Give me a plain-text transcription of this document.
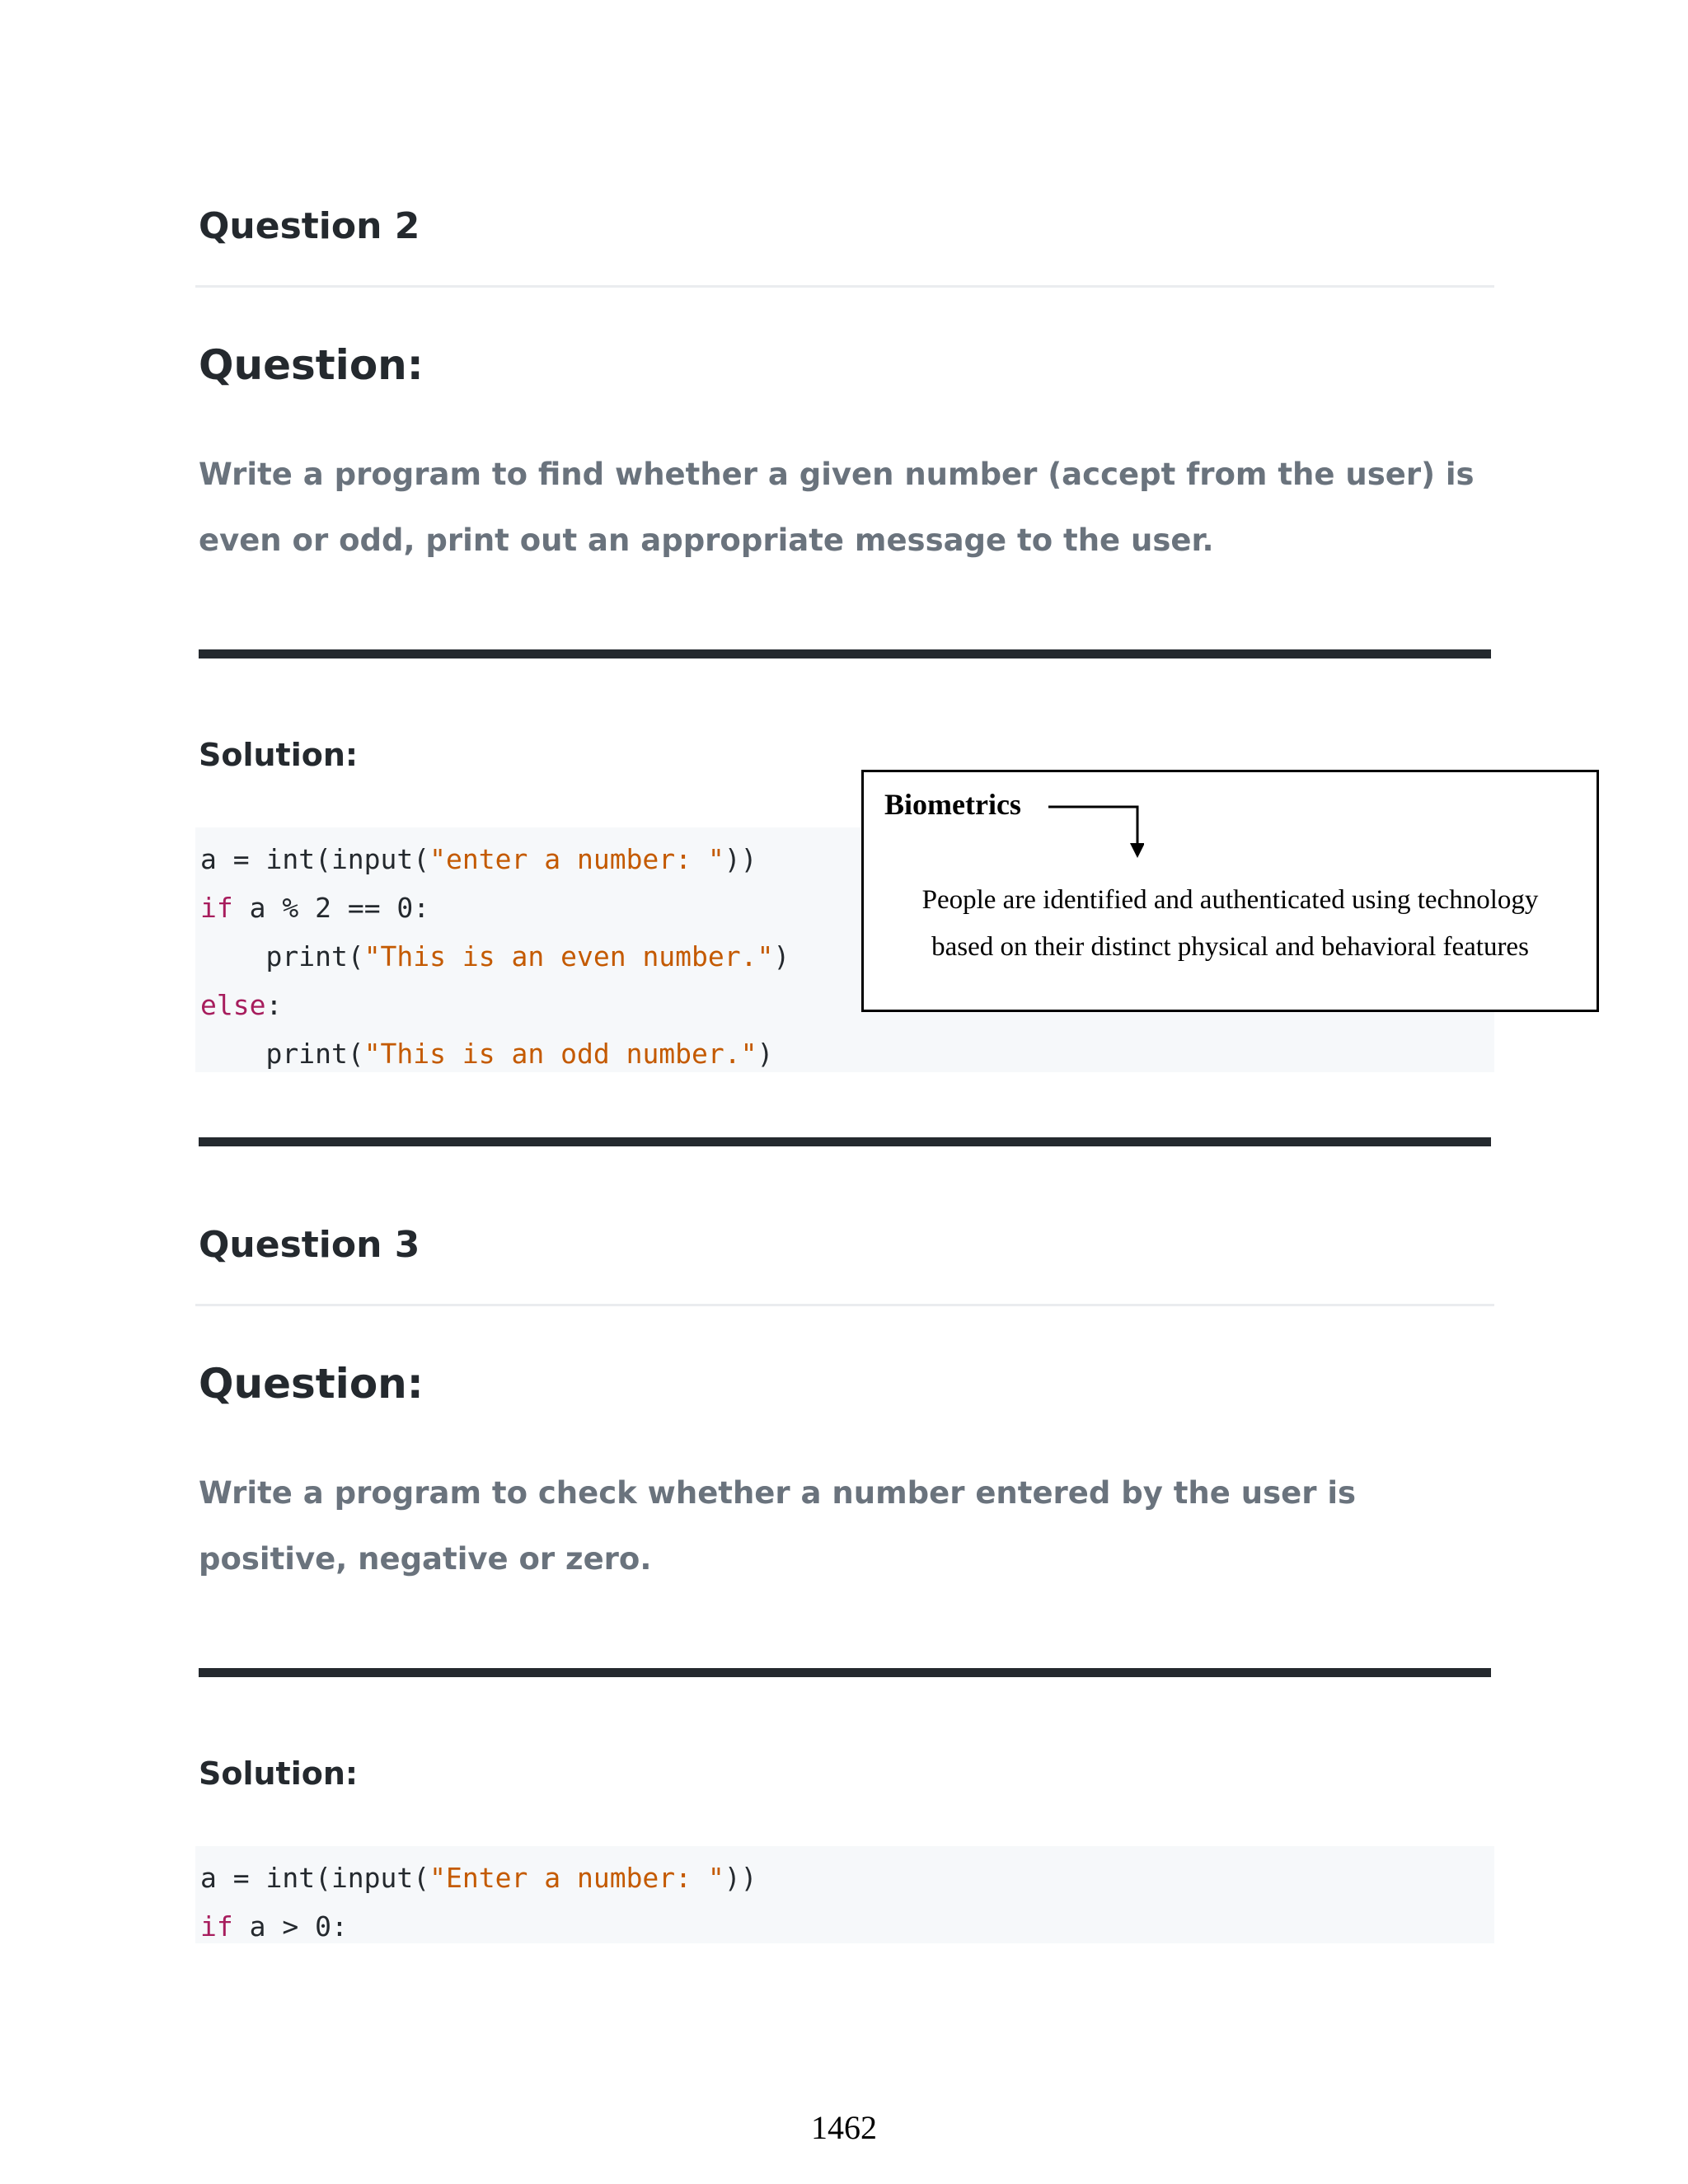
Question 2
Question:
Write a program to find whether a given number (accept from the user) is even or odd, print out an appropriate message to the user.
Solution:
a = int(input("enter a number: "))
if a % 2 == 0:
print("This is an even number.")
else:
print("This is an odd number.")
Biometrics
People are identified and authenticated using technology
based on their distinct physical and behavioral features
Question 3
Question:
Write a program to check whether a number entered by the user is positive, negative or zero.
Solution:
a = int(input("Enter a number: "))
if a > 0:
1462
